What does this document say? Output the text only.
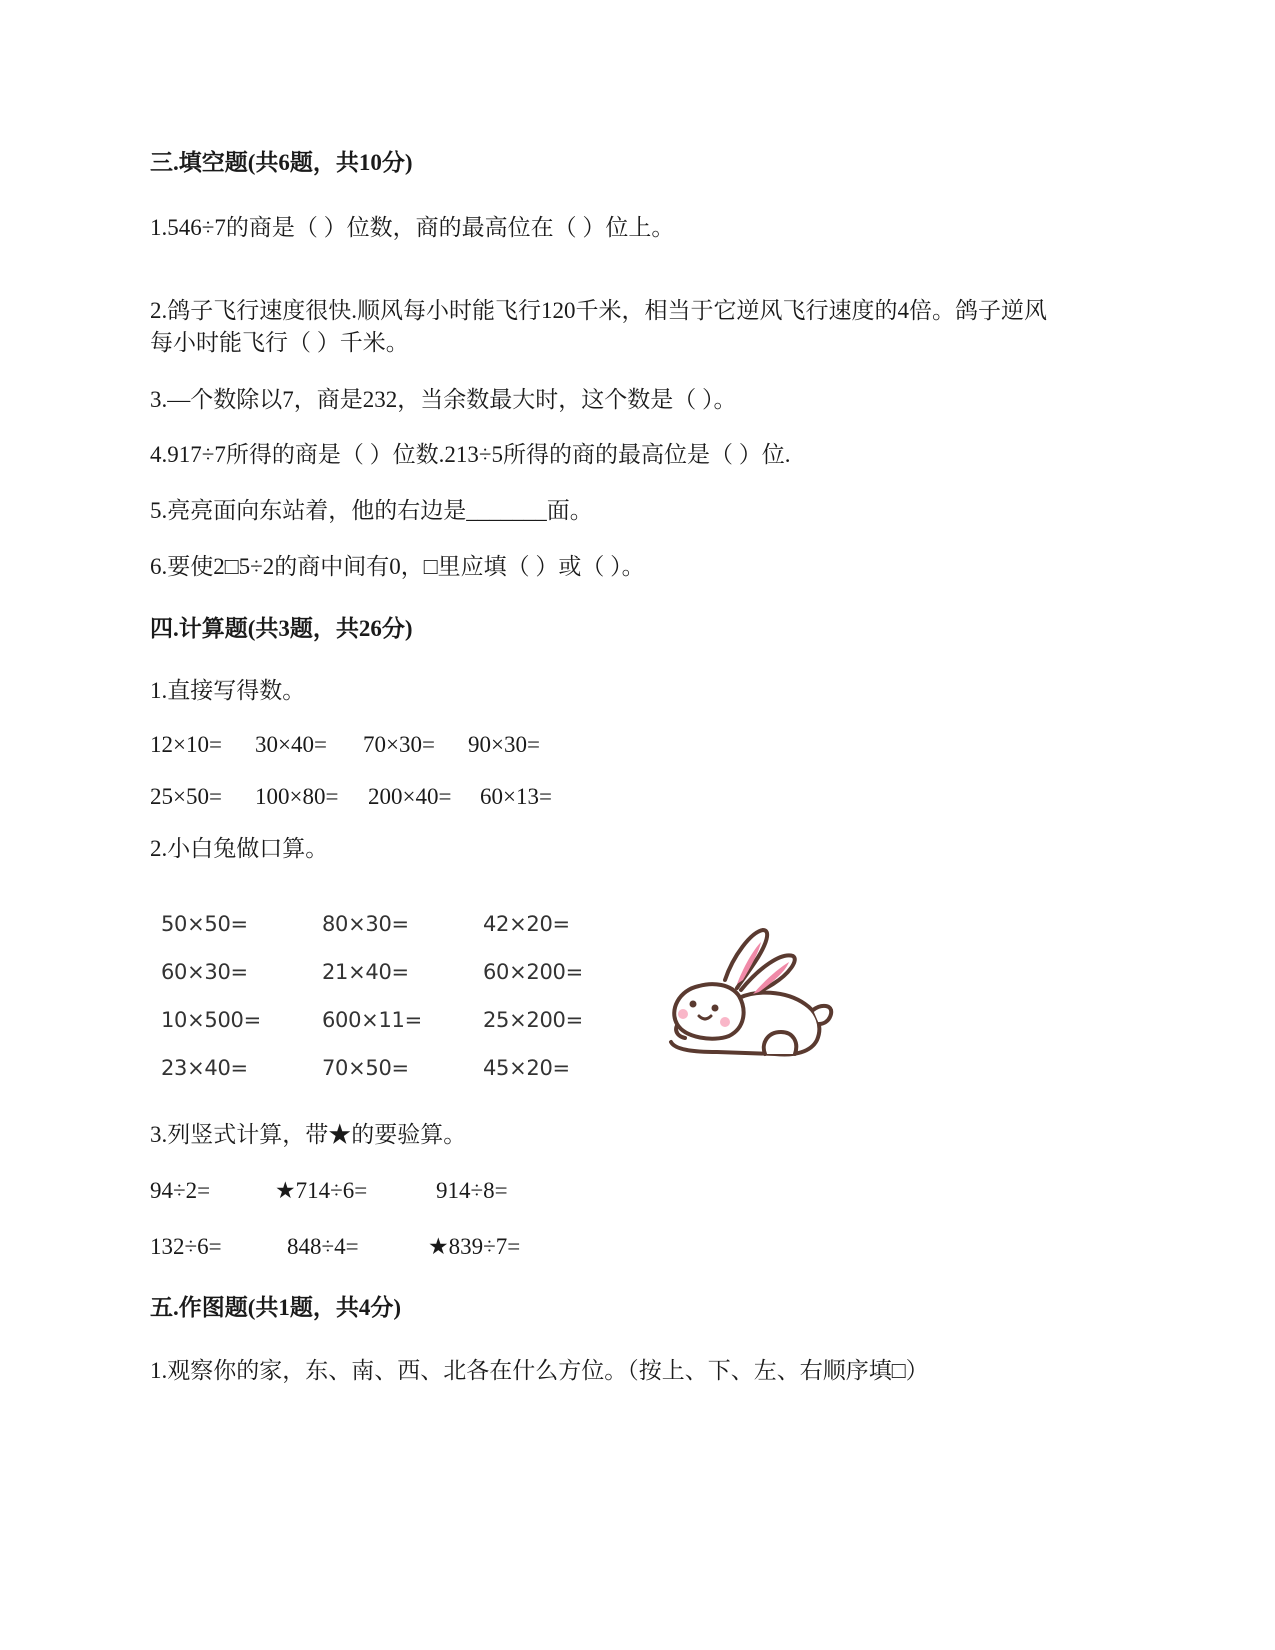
三.填空题(共6题，共10分)
1.546÷7的商是（ ）位数，商的最高位在（ ）位上。
2.鸽子飞行速度很快.顺风每小时能飞行120千米，相当于它逆风飞行速度的4倍。鸽子逆风
每小时能飞行（ ）千米。
3.—个数除以7，商是232，当余数最大时，这个数是（ ）。
4.917÷7所得的商是（ ）位数.213÷5所得的商的最高位是（ ）位.
5.亮亮面向东站着，他的右边是_______面。
6.要使2□5÷2的商中间有0，□里应填（ ）或（ ）。
四.计算题(共3题，共26分)
1.直接写得数。
12×10= 30×40= 70×30= 90×30=
25×50= 100×80= 200×40= 60×13=
2.小白兔做口算。
50×50=	80×30=	42×20=
60×30=	21×40=	60×200=
10×500=	600×11=	25×200=
23×40=	70×50=	45×20=
3.列竖式计算，带★的要验算。
94÷2=	★714÷6=	914÷8=
132÷6=	848÷4=	★839÷7=
五.作图题(共1题，共4分)
1.观察你的家，东、南、西、北各在什么方位。（按上、下、左、右顺序填□）
